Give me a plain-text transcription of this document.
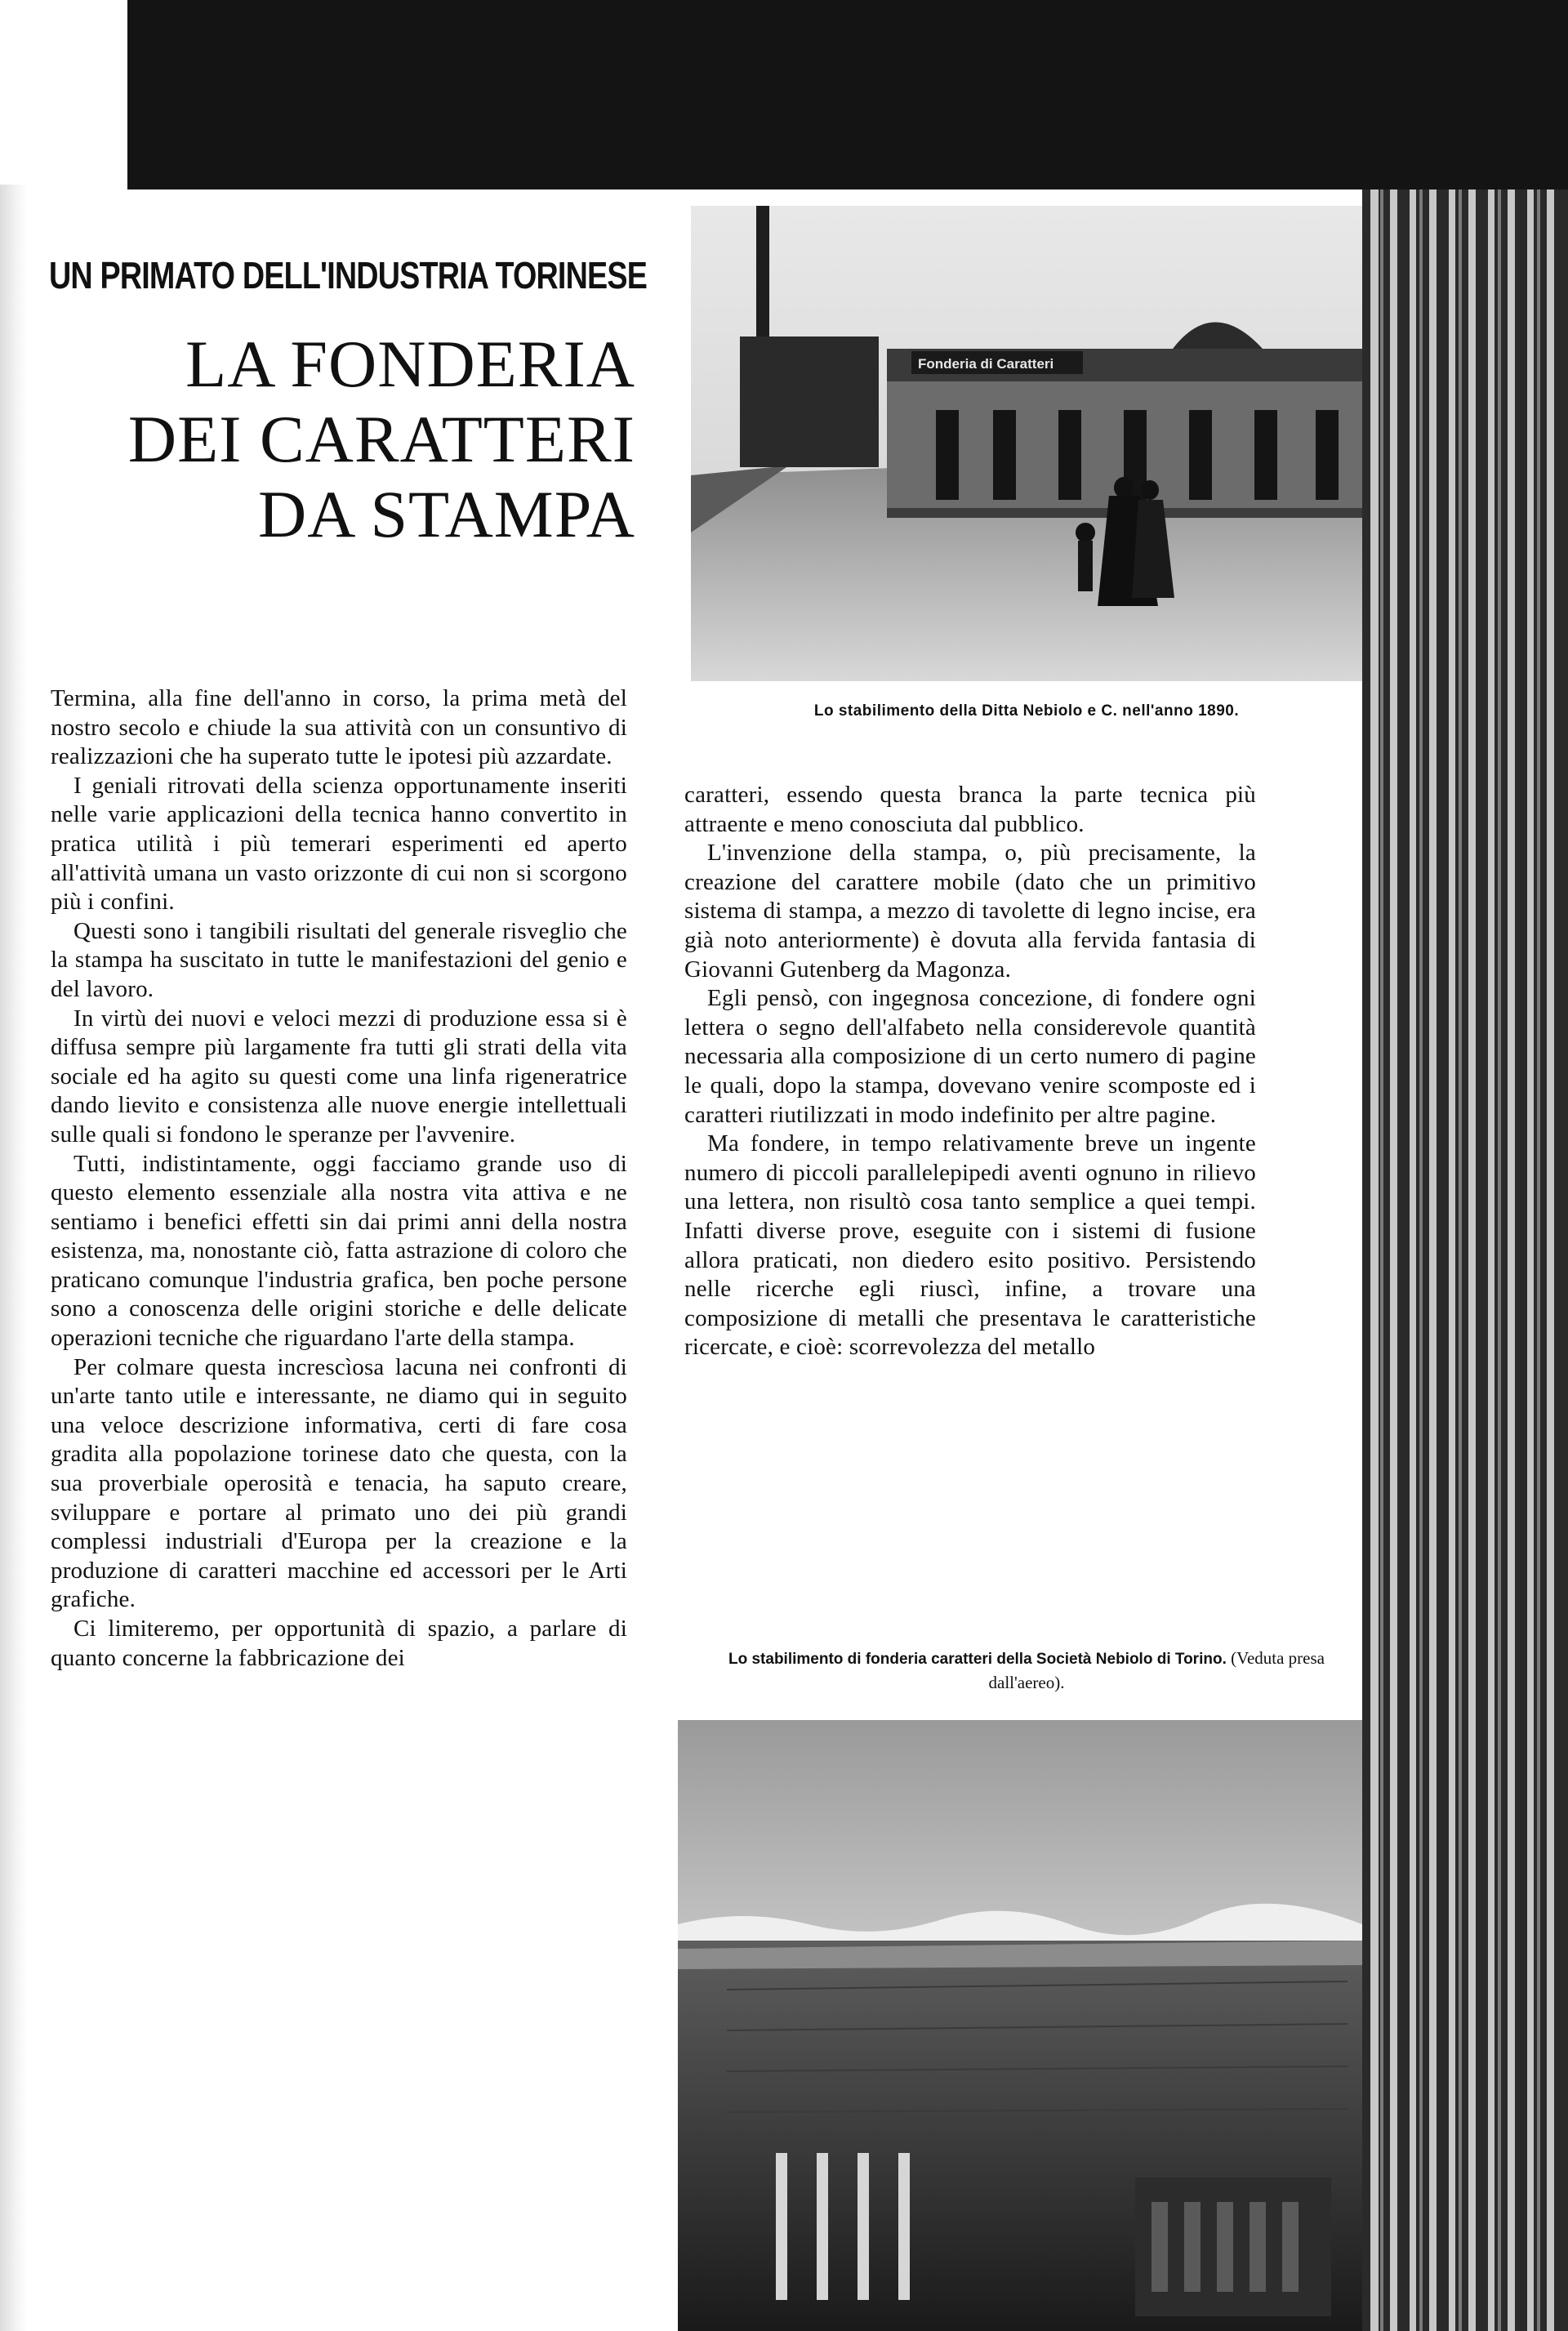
UN PRIMATO DELL'INDUSTRIA TORINESE
LA FONDERIA
DEI CARATTERI
DA STAMPA

Termina, alla fine dell'anno in corso, la prima metà del nostro secolo e chiude la sua attività con un consuntivo di realizzazioni che ha superato tutte le ipotesi più azzardate.

I geniali ritrovati della scienza opportunamente inseriti nelle varie applicazioni della tecnica hanno convertito in pratica utilità i più temerari esperimenti ed aperto all'attività umana un vasto orizzonte di cui non si scorgono più i confini.

Questi sono i tangibili risultati del generale risveglio che la stampa ha suscitato in tutte le manifestazioni del genio e del lavoro.

In virtù dei nuovi e veloci mezzi di produzione essa si è diffusa sempre più largamente fra tutti gli strati della vita sociale ed ha agito su questi come una linfa rigeneratrice dando lievito e consistenza alle nuove energie intellettuali sulle quali si fondono le speranze per l'avvenire.

Tutti, indistintamente, oggi facciamo grande uso di questo elemento essenziale alla nostra vita attiva e ne sentiamo i benefici effetti sin dai primi anni della nostra esistenza, ma, nonostante ciò, fatta astrazione di coloro che praticano comunque l'industria grafica, ben poche persone sono a conoscenza delle origini storiche e delle delicate operazioni tecniche che riguardano l'arte della stampa.

Per colmare questa increscìosa lacuna nei confronti di un'arte tanto utile e interessante, ne diamo qui in seguito una veloce descrizione informativa, certi di fare cosa gradita alla popolazione torinese dato che questa, con la sua proverbiale operosità e tenacia, ha saputo creare, sviluppare e portare al primato uno dei più grandi complessi industriali d'Europa per la creazione e la produzione di caratteri macchine ed accessori per le Arti grafiche.

Ci limiteremo, per opportunità di spazio, a parlare di quanto concerne la fabbricazione dei

Fonderia di Caratteri
Lo stabilimento della Ditta Nebiolo e C. nell'anno 1890.

caratteri, essendo questa branca la parte tecnica più attraente e meno conosciuta dal pubblico.

L'invenzione della stampa, o, più precisamente, la creazione del carattere mobile (dato che un primitivo sistema di stampa, a mezzo di tavolette di legno incise, era già noto anteriormente) è dovuta alla fervida fantasia di Giovanni Gutenberg da Magonza.

Egli pensò, con ingegnosa concezione, di fondere ogni lettera o segno dell'alfabeto nella considerevole quantità necessaria alla composizione di un certo numero di pagine le quali, dopo la stampa, dovevano venire scomposte ed i caratteri riutilizzati in modo indefinito per altre pagine.

Ma fondere, in tempo relativamente breve un ingente numero di piccoli parallelepipedi aventi ognuno in rilievo una lettera, non risultò cosa tanto semplice a quei tempi. Infatti diverse prove, eseguite con i sistemi di fusione allora praticati, non diedero esito positivo. Persistendo nelle ricerche egli riuscì, infine, a trovare una composizione di metalli che presentava le caratteristiche ricercate, e cioè: scorrevolezza del metallo

Lo stabilimento di fonderia caratteri della Società Nebiolo di Torino. (Veduta presa dall'aereo).
